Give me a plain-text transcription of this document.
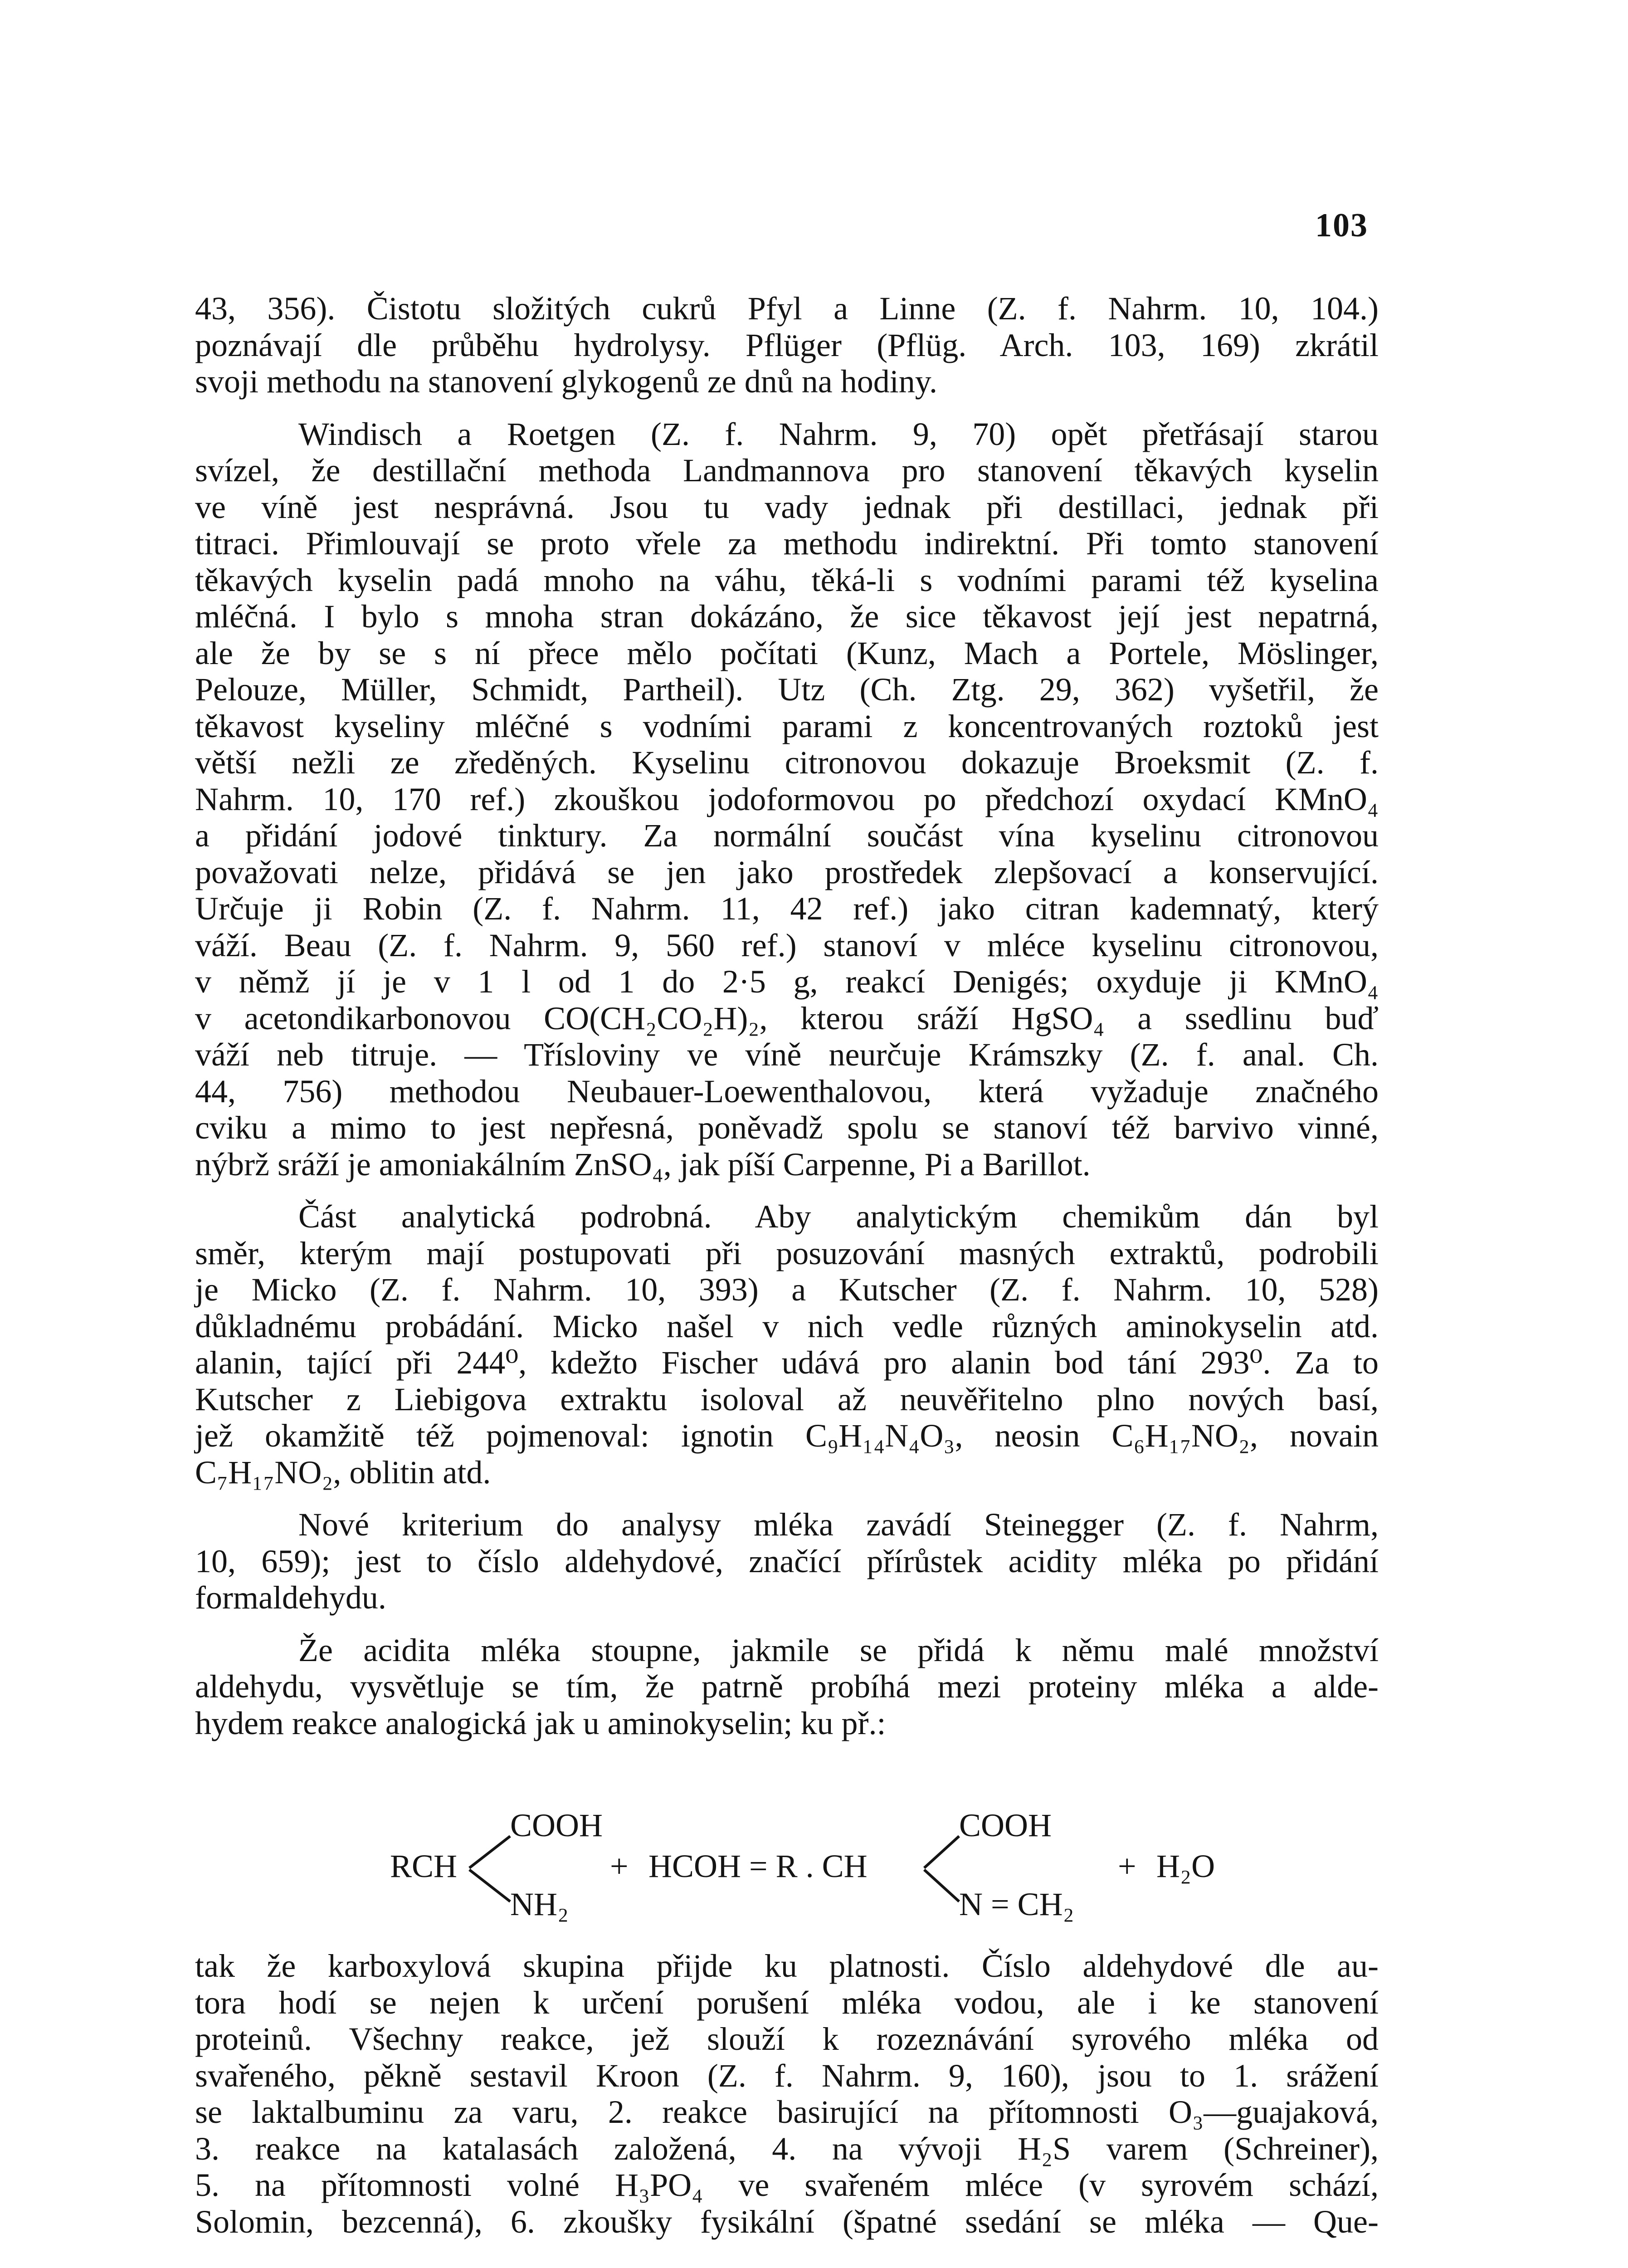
103
43, 356). Čistotu složitých cukrů Pfyl a Linne (Z. f. Nahrm. 10, 104.)
poznávají dle průběhu hydrolysy. Pflüger (Pflüg. Arch. 103, 169) zkrátil
svoji methodu na stanovení glykogenů ze dnů na hodiny.
Windisch a Roetgen (Z. f. Nahrm. 9, 70) opět přetřásají starou
svízel, že destillační methoda Landmannova pro stanovení těkavých kyselin
ve víně jest nesprávná. Jsou tu vady jednak při destillaci, jednak při
titraci. Přimlouvají se proto vřele za methodu indirektní. Při tomto stanovení
těkavých kyselin padá mnoho na váhu, těká-li s vodními parami též kyselina
mléčná. I bylo s mnoha stran dokázáno, že sice těkavost její jest nepatrná,
ale že by se s ní přece mělo počítati (Kunz, Mach a Portele, Möslinger,
Pelouze, Müller, Schmidt, Partheil). Utz (Ch. Ztg. 29, 362) vyšetřil, že
těkavost kyseliny mléčné s vodními parami z koncentrovaných roztoků jest
větší nežli ze zředěných. Kyselinu citronovou dokazuje Broeksmit (Z. f.
Nahrm. 10, 170 ref.) zkouškou jodoformovou po předchozí oxydací KMnO₄
a přidání jodové tinktury. Za normální součást vína kyselinu citronovou
považovati nelze, přidává se jen jako prostředek zlepšovací a konservující.
Určuje ji Robin (Z. f. Nahrm. 11, 42 ref.) jako citran kademnatý, který
váží. Beau (Z. f. Nahrm. 9, 560 ref.) stanoví v mléce kyselinu citronovou,
v němž jí je v 1 l od 1 do 2·5 g, reakcí Denigés; oxyduje ji KMnO₄
v acetondikarbonovou CO(CH₂CO₂H)₂, kterou sráží HgSO₄ a ssedlinu buď
váží neb titruje. — Třísloviny ve víně neurčuje Krámszky (Z. f. anal. Ch.
44, 756) methodou Neubauer-Loewenthalovou, která vyžaduje značného
cviku a mimo to jest nepřesná, poněvadž spolu se stanoví též barvivo vinné,
nýbrž sráží je amoniakálním ZnSO₄, jak píší Carpenne, Pi a Barillot.
Část analytická podrobná. Aby analytickým chemikům dán byl
směr, kterým mají postupovati při posuzování masných extraktů, podrobili
je Micko (Z. f. Nahrm. 10, 393) a Kutscher (Z. f. Nahrm. 10, 528)
důkladnému probádání. Micko našel v nich vedle různých aminokyselin atd.
alanin, tající při 244⁰, kdežto Fischer udává pro alanin bod tání 293⁰. Za to
Kutscher z Liebigova extraktu isoloval až neuvěřitelno plno nových basí,
jež okamžitě též pojmenoval: ignotin C₉H₁₄N₄O₃, neosin C₆H₁₇NO₂, novain
C₇H₁₇NO₂, oblitin atd.
Nové kriterium do analysy mléka zavádí Steinegger (Z. f. Nahrm,
10, 659); jest to číslo aldehydové, značící přírůstek acidity mléka po přidání
formaldehydu.
Že acidita mléka stoupne, jakmile se přidá k němu malé množství
aldehydu, vysvětluje se tím, že patrně probíhá mezi proteiny mléka a alde-
hydem reakce analogická jak u aminokyselin; ku př.:
tak že karboxylová skupina přijde ku platnosti. Číslo aldehydové dle au-
tora hodí se nejen k určení porušení mléka vodou, ale i ke stanovení
proteinů. Všechny reakce, jež slouží k rozeznávání syrového mléka od
svařeného, pěkně sestavil Kroon (Z. f. Nahrm. 9, 160), jsou to 1. srážení
se laktalbuminu za varu, 2. reakce basirující na přítomnosti O₃—guajaková,
3. reakce na katalasách založená, 4. na vývoji H₂S varem (Schreiner),
5. na přítomnosti volné H₃PO₄ ve svařeném mléce (v syrovém schází,
Solomin, bezcenná), 6. zkoušky fysikální (špatné ssedání se mléka — Que-
RCH
COOH
NH₂
+ HCOH = R . CH
COOH
N = CH₂
+ H₂O
